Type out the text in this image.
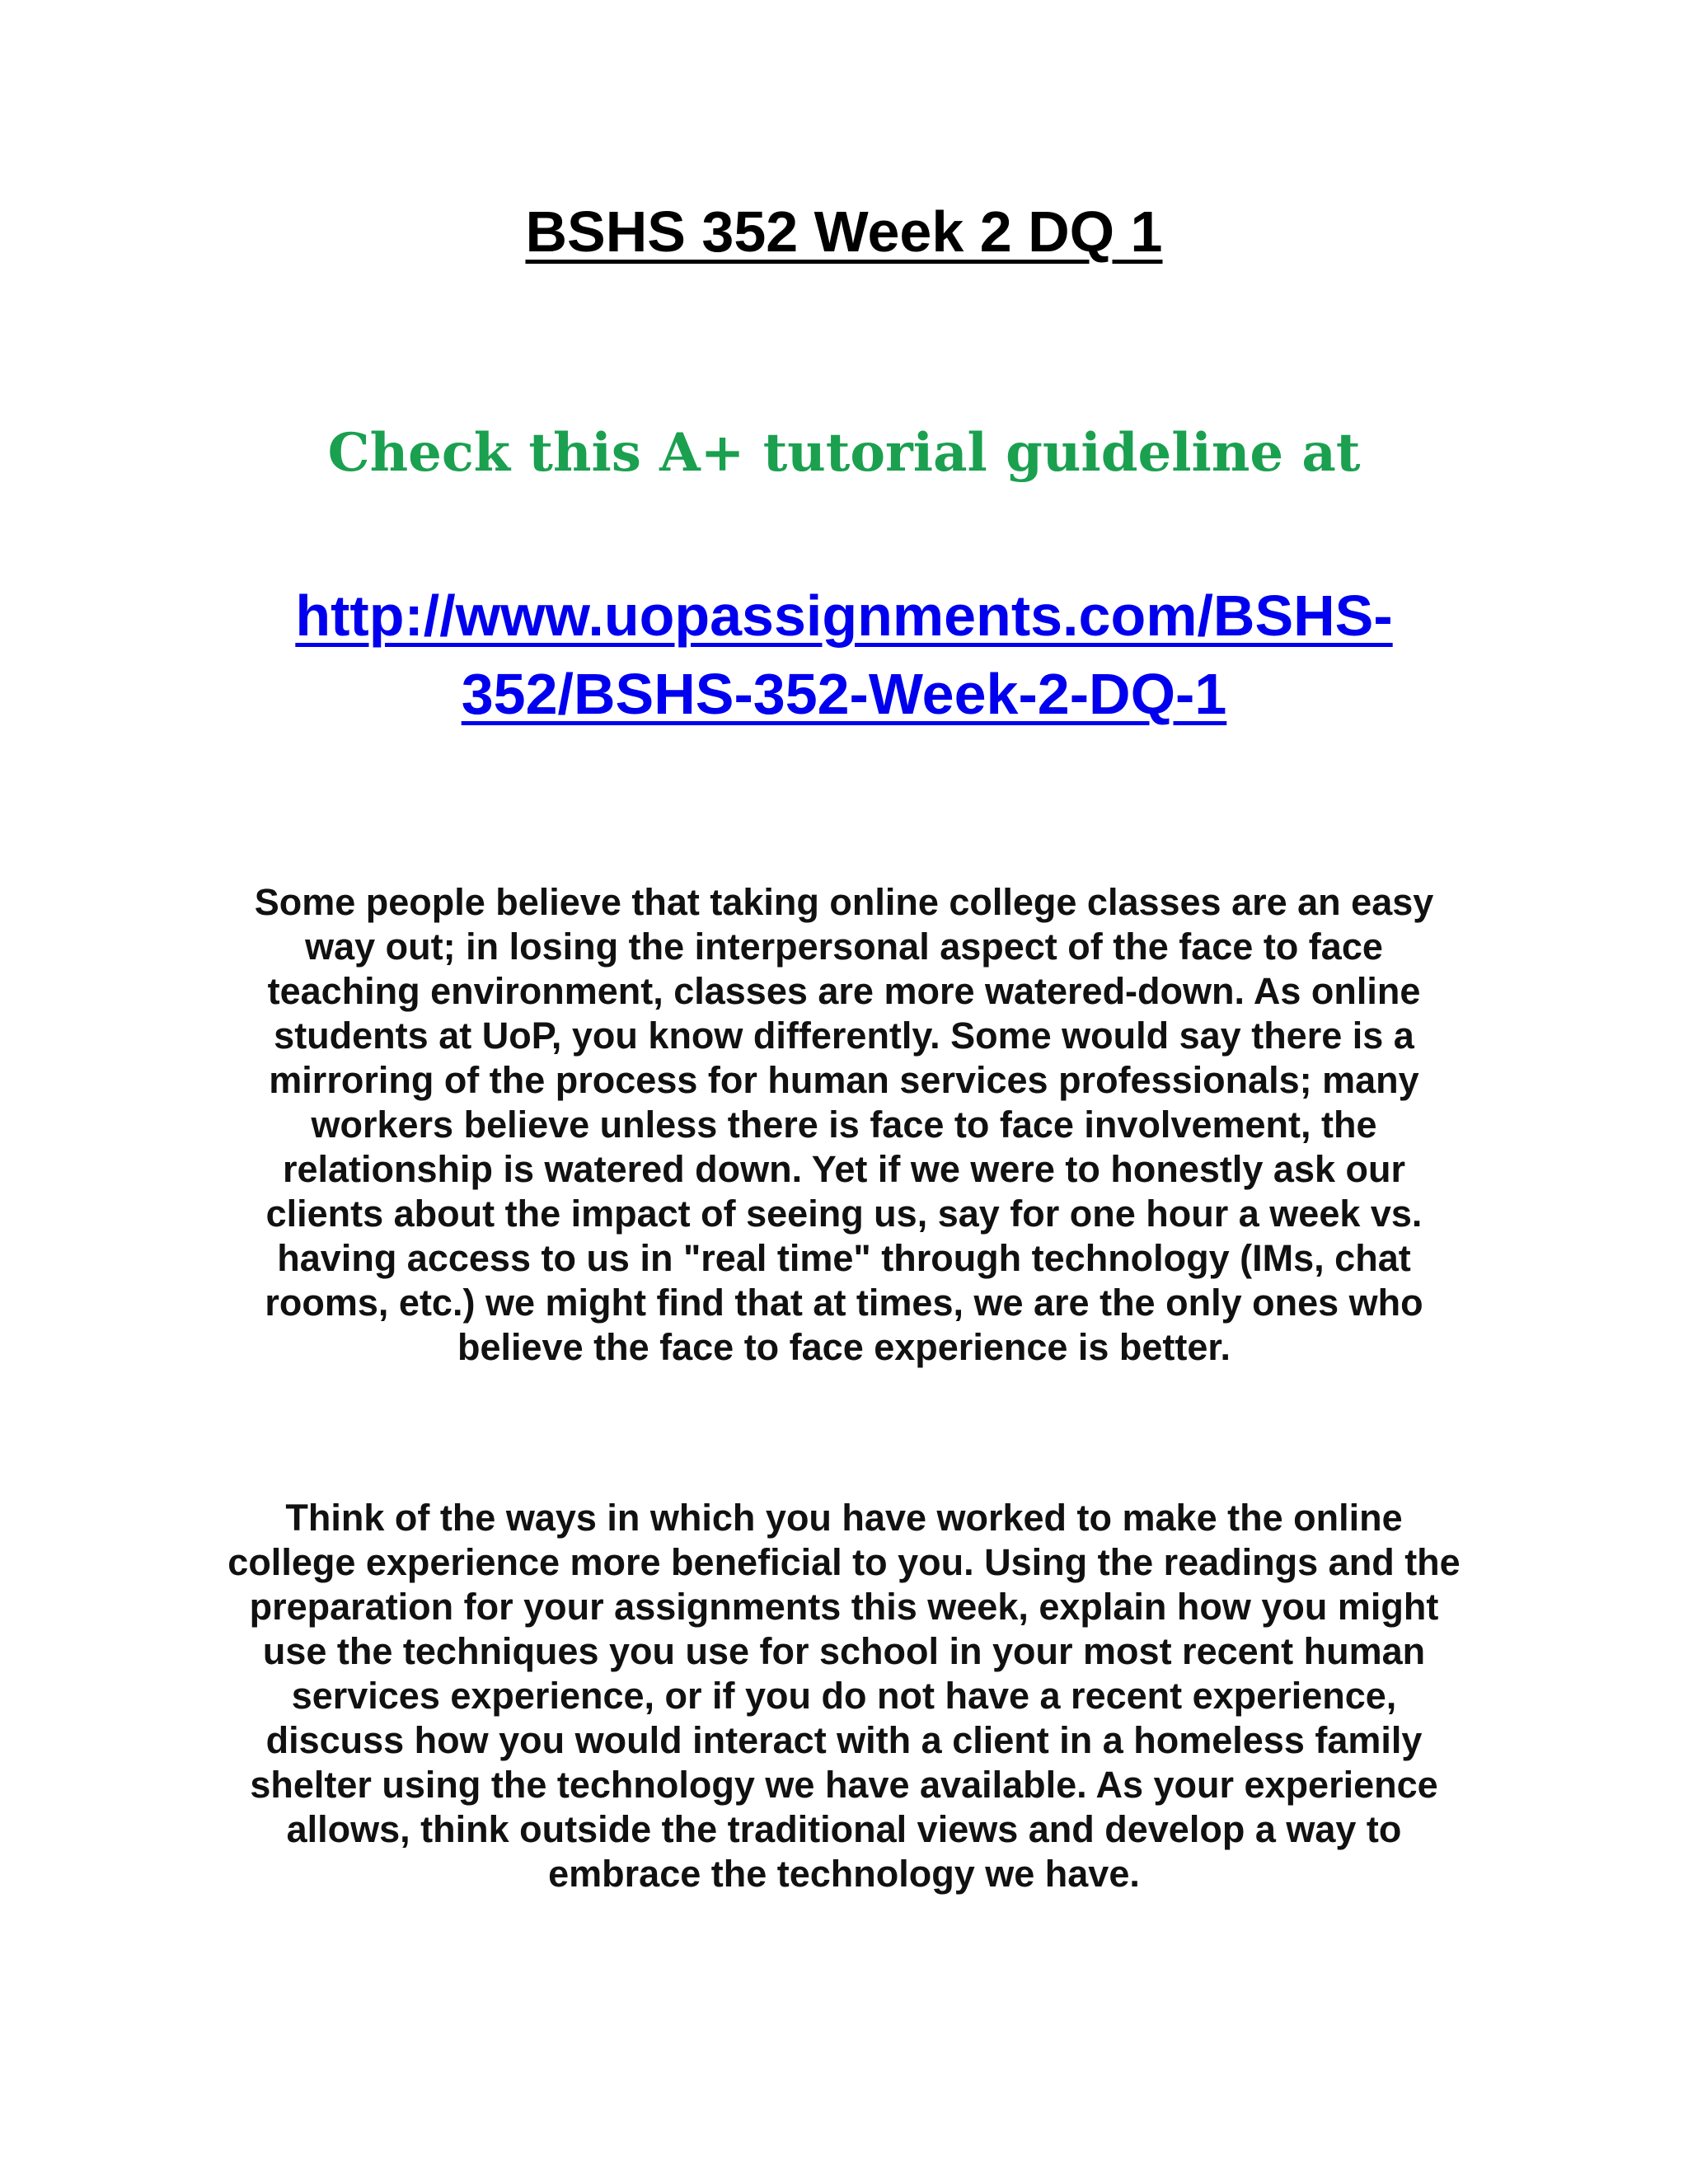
BSHS 352 Week 2 DQ 1
Check this A+ tutorial guideline at
http://www.uopassignments.com/BSHS-
352/BSHS-352-Week-2-DQ-1
Some people believe that taking online college classes are an easy
way out; in losing the interpersonal aspect of the face to face
teaching environment, classes are more watered-down. As online
students at UoP, you know differently. Some would say there is a
mirroring of the process for human services professionals; many
workers believe unless there is face to face involvement, the
relationship is watered down. Yet if we were to honestly ask our
clients about the impact of seeing us, say for one hour a week vs.
having access to us in "real time" through technology (IMs, chat
rooms, etc.) we might find that at times, we are the only ones who
believe the face to face experience is better.
Think of the ways in which you have worked to make the online
college experience more beneficial to you. Using the readings and the
preparation for your assignments this week, explain how you might
use the techniques you use for school in your most recent human
services experience, or if you do not have a recent experience,
discuss how you would interact with a client in a homeless family
shelter using the technology we have available. As your experience
allows, think outside the traditional views and develop a way to
embrace the technology we have.
